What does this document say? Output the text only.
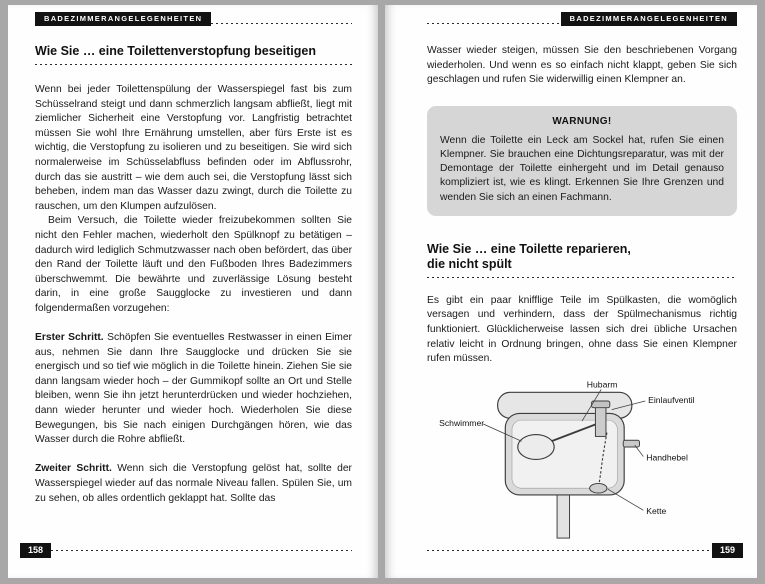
BADEZIMMERANGELEGENHEITEN
Wie Sie … eine Toilettenverstopfung beseitigen

Wenn bei jeder Toilettenspülung der Wasserspiegel fast bis zum Schüsselrand steigt und dann schmerzlich langsam abfließt, liegt mit ziemlicher Sicherheit eine Verstopfung vor. Langfristig betrachtet müssen Sie wohl Ihre Ernährung umstellen, aber fürs Erste ist es wichtig, die Verstopfung zu isolieren und zu beseitigen. Sie wird sich normalerweise im Schüsselabfluss befinden oder im Abflussrohr, durch das sie austritt – wie dem auch sei, die Verstopfung lässt sich beheben, indem man das Wasser dazu zwingt, durch die Toilette zu rauschen, um den Klumpen aufzulösen.

Beim Versuch, die Toilette wieder freizubekommen sollten Sie nicht den Fehler machen, wiederholt den Spülknopf zu betätigen – dadurch wird lediglich Schmutzwasser nach oben befördert, das über den Rand der Toilette läuft und den Fußboden Ihres Badezimmers überschwemmt. Die bewährte und zuverlässige Lösung besteht darin, in eine große Saugglocke zu investieren und dann folgendermaßen vorzugehen:

Erster Schritt. Schöpfen Sie eventuelles Restwasser in einen Eimer aus, nehmen Sie dann Ihre Saugglocke und drücken Sie sie energisch und so tief wie möglich in die Toilette hinein. Ziehen Sie sie dann langsam wieder hoch – der Gummikopf sollte an Ort und Stelle bleiben, wenn Sie ihn jetzt herunterdrücken und wieder hochziehen, dann wieder herunter und wieder hoch. Wiederholen Sie diese Bewegungen, bis Sie nach einigen Durchgängen hören, wie das Wasser durch die Rohre abfließt.

Zweiter Schritt. Wenn sich die Verstopfung gelöst hat, sollte der Wasserspiegel wieder auf das normale Niveau fallen. Spülen Sie, um zu sehen, ob alles ordentlich geklappt hat. Sollte das

158
BADEZIMMERANGELEGENHEITEN

Wasser wieder steigen, müssen Sie den beschriebenen Vorgang wiederholen. Und wenn es so einfach nicht klappt, geben Sie sich geschlagen und rufen Sie widerwillig einen Klempner an.

WARNUNG!

Wenn die Toilette ein Leck am Sockel hat, rufen Sie einen Klempner. Sie brauchen eine Dichtungsreparatur, was mit der Demontage der Toilette einhergeht und im Detail genauso kompliziert ist, wie es klingt. Erkennen Sie Ihre Grenzen und wenden Sie sich an einen Fachmann.

Wie Sie … eine Toilette reparieren,
die nicht spült

Es gibt ein paar knifflige Teile im Spülkasten, die womöglich versagen und verhindern, dass der Spülmechanismus richtig funktioniert. Glücklicherweise lassen sich drei übliche Ursachen relativ leicht in Ordnung bringen, ohne dass Sie einen Klempner rufen müssen.

Hubarm
Einlaufventil
Schwimmer
Handhebel
Kette
159
